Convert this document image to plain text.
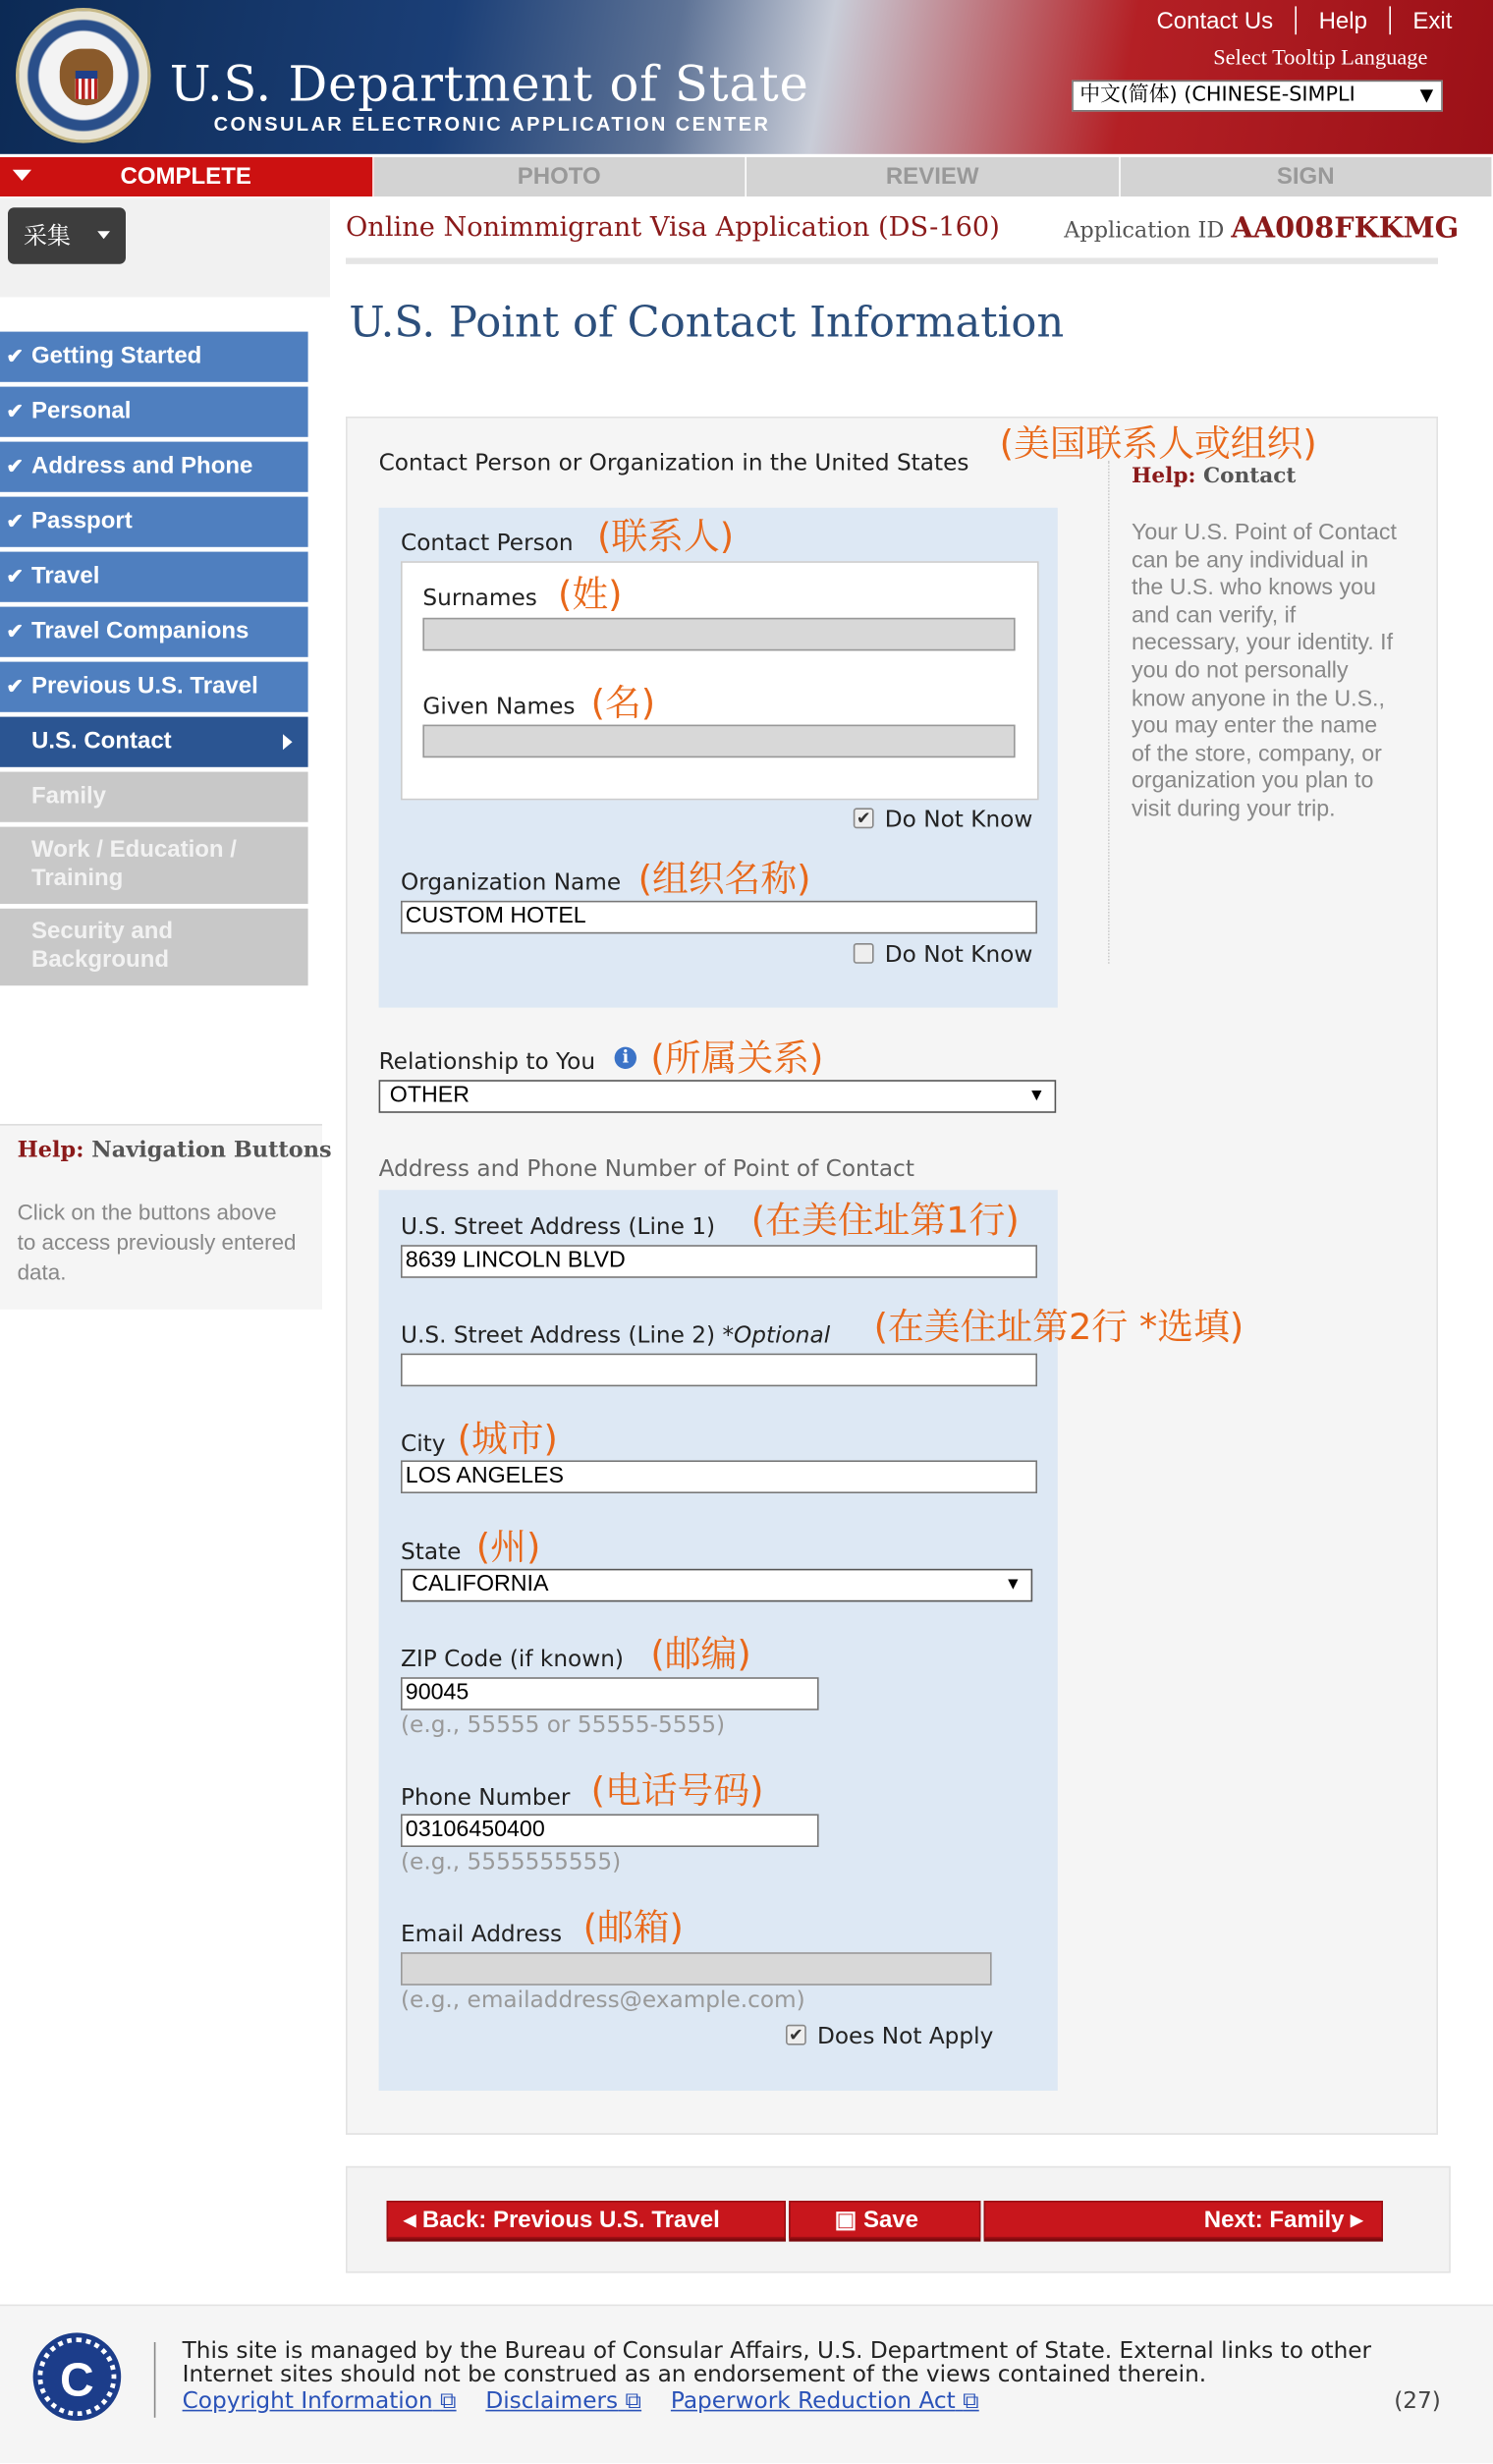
U.S. Department of State
CONSULAR ELECTRONIC APPLICATION CENTER
Contact Us	Help	Exit
Select Tooltip Language
中文(简体) (CHINESE-SIMPLI	▼
COMPLETE	PHOTO	REVIEW	SIGN
采集
✔ Getting Started
✔ Personal
✔ Address and Phone
✔ Passport
✔ Travel
✔ Travel Companions
✔ Previous U.S. Travel
U.S. Contact
Family
Work / Education / Training
Security and Background
Help: Navigation Buttons
Click on the buttons above to access previously entered data.
Online Nonimmigrant Visa Application (DS-160)	Application ID AA008FKKMG
U.S. Point of Contact Information
Help: Contact
Your U.S. Point of Contact can be any individual in the U.S. who knows you and can verify, if necessary, your identity. If you do not personally know anyone in the U.S., you may enter the name of the store, company, or organization you plan to visit during your trip.
Contact Person or Organization in the United States (美国联系人或组织)
Contact Person (联系人)
Surnames (姓)
Given Names (名)
✔ Do Not Know
Organization Name (组织名称)
CUSTOM HOTEL
Do Not Know
Relationship to You	i (所属关系)
OTHER	▼
Address and Phone Number of Point of Contact
U.S. Street Address (Line 1) (在美住址第1行)
8639 LINCOLN BLVD
U.S. Street Address (Line 2) *Optional (在美住址第2行 *选填)
City (城市)
LOS ANGELES
State (州)
CALIFORNIA	▼
ZIP Code (if known) (邮编)
90045
(e.g., 55555 or 55555-5555)
Phone Number (电话号码)
03106450400
(e.g., 5555555555)
Email Address (邮箱)
(e.g., emailaddress@example.com)
✔ Does Not Apply
◂ Back: Previous U.S. Travel	▣ Save	Next: Family ▸
C
This site is managed by the Bureau of Consular Affairs, U.S. Department of State. External links to other Internet sites should not be construed as an endorsement of the views contained therein.
Copyright Information ⧉ Disclaimers ⧉ Paperwork Reduction Act ⧉	(27)
